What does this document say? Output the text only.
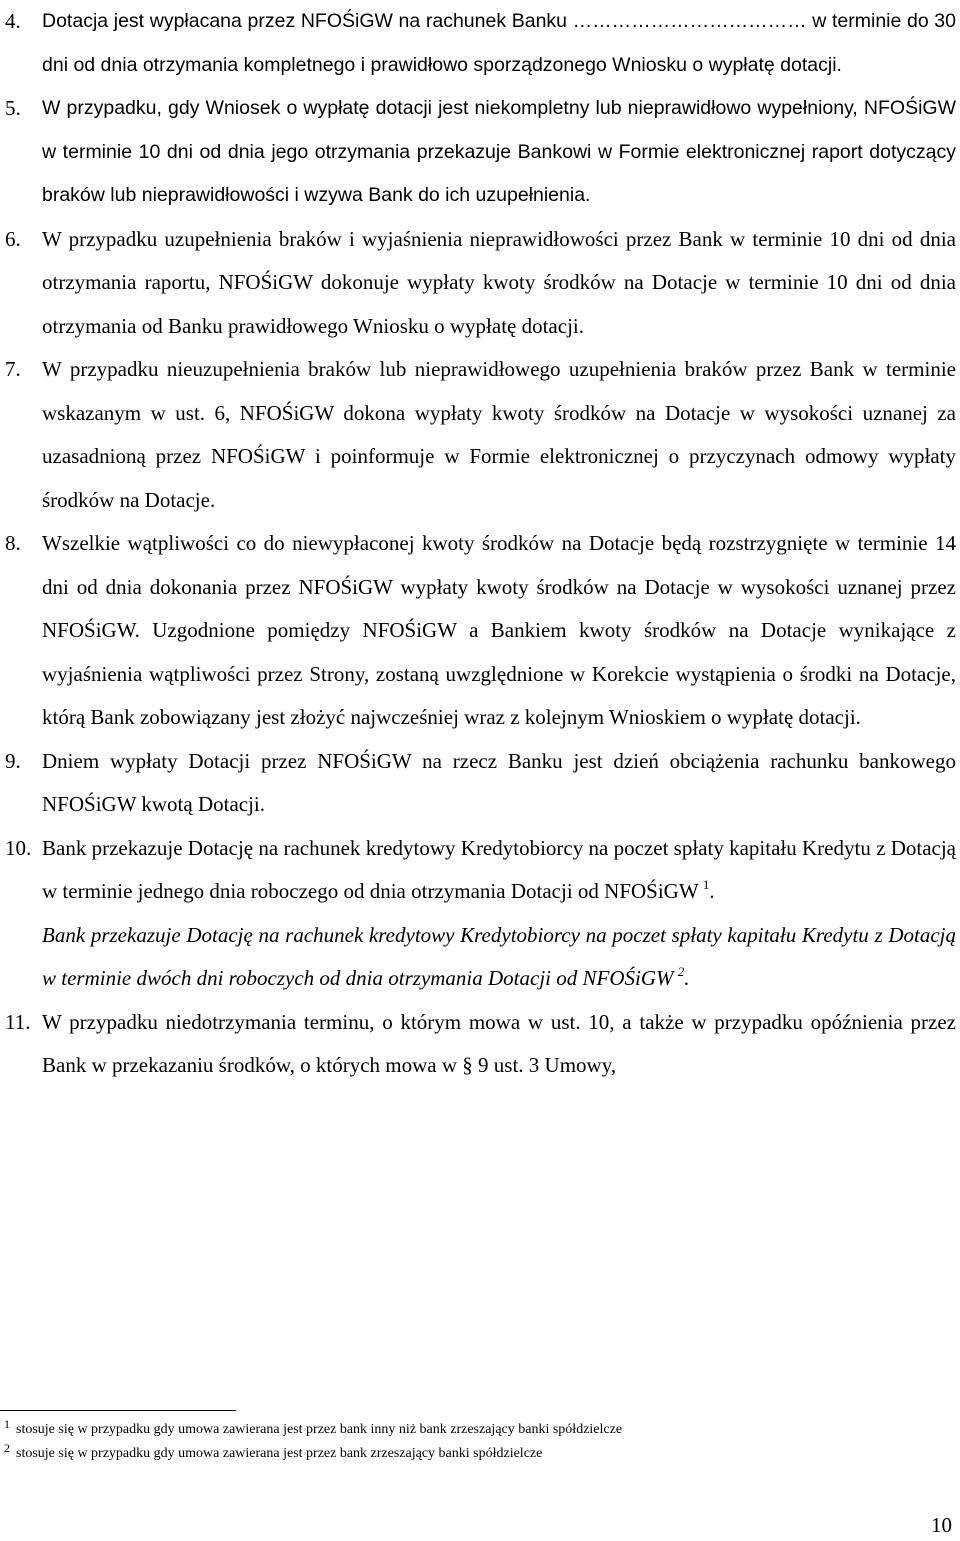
4. Dotacja jest wypłacana przez NFOŚiGW na rachunek Banku ……………………………… w terminie do 30 dni od dnia otrzymania kompletnego i prawidłowo sporządzonego Wniosku o wypłatę dotacji.

5. W przypadku, gdy Wniosek o wypłatę dotacji jest niekompletny lub nieprawidłowo wypełniony, NFOŚiGW w terminie 10 dni od dnia jego otrzymania przekazuje Bankowi w Formie elektronicznej raport dotyczący braków lub nieprawidłowości i wzywa Bank do ich uzupełnienia.

6. W przypadku uzupełnienia braków i wyjaśnienia nieprawidłowości przez Bank w terminie 10 dni od dnia otrzymania raportu, NFOŚiGW dokonuje wypłaty kwoty środków na Dotacje w terminie 10 dni od dnia otrzymania od Banku prawidłowego Wniosku o wypłatę dotacji.

7. W przypadku nieuzupełnienia braków lub nieprawidłowego uzupełnienia braków przez Bank w terminie wskazanym w ust. 6, NFOŚiGW dokona wypłaty kwoty środków na Dotacje w wysokości uznanej za uzasadnioną przez NFOŚiGW i poinformuje w Formie elektronicznej o przyczynach odmowy wypłaty środków na Dotacje.

8. Wszelkie wątpliwości co do niewypłaconej kwoty środków na Dotacje będą rozstrzygnięte w terminie 14 dni od dnia dokonania przez NFOŚiGW wypłaty kwoty środków na Dotacje w wysokości uznanej przez NFOŚiGW. Uzgodnione pomiędzy NFOŚiGW a Bankiem kwoty środków na Dotacje wynikające z wyjaśnienia wątpliwości przez Strony, zostaną uwzględnione w Korekcie wystąpienia o środki na Dotacje, którą Bank zobowiązany jest złożyć najwcześniej wraz z kolejnym Wnioskiem o wypłatę dotacji.

9. Dniem wypłaty Dotacji przez NFOŚiGW na rzecz Banku jest dzień obciążenia rachunku bankowego NFOŚiGW kwotą Dotacji.

10. Bank przekazuje Dotację na rachunek kredytowy Kredytobiorcy na poczet spłaty kapitału Kredytu z Dotacją w terminie jednego dnia roboczego od dnia otrzymania Dotacji od NFOŚiGW  $^1$.

Bank przekazuje Dotację na rachunek kredytowy Kredytobiorcy na poczet spłaty kapitału Kredytu z Dotacją w terminie dwóch dni roboczych od dnia otrzymania Dotacji od NFOŚiGW  $^2$.

11. W przypadku niedotrzymania terminu, o którym mowa w ust. 10, a także w przypadku opóźnienia przez Bank w przekazaniu środków, o których mowa w § 9 ust. 3 Umowy,

1 stosuje się w przypadku gdy umowa zawierana jest przez bank inny niż bank zrzeszający banki spółdzielcze
2 stosuje się w przypadku gdy umowa zawierana jest przez bank zrzeszający banki spółdzielcze
10
